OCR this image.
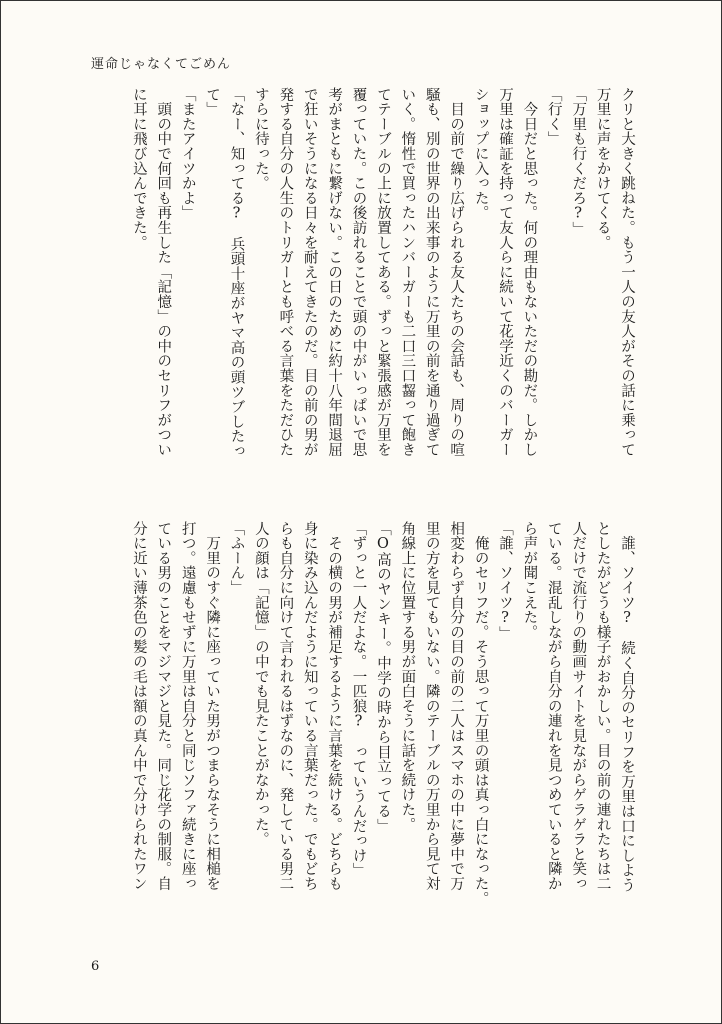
運命じゃなくてごめん

クリと大きく跳ねた。もう一人の友人がその話に乗って

万里に声をかけてくる。

「万里も行くだろ?」

「行く」

　今日だと思った。何の理由もないただの勘だ。しかし

万里は確証を持って友人らに続いて花学近くのバーガー

ショップに入った。

　目の前で繰り広げられる友人たちの会話も、周りの喧

騒も、別の世界の出来事のように万里の前を通り過ぎて

いく。惰性で買ったハンバーガーも二口三口齧って飽き

てテーブルの上に放置してある。ずっと緊張感が万里を

覆っていた。この後訪れることで頭の中がいっぱいで思

考がまともに繋げない。この日のために約十八年間退屈

で狂いそうになる日々を耐えてきたのだ。目の前の男が

発する自分の人生のトリガーとも呼べる言葉をただひた

すらに待った。

「なー、知ってる?　兵頭十座がヤマ高の頭ツブしたっ

て」

「またアイツかよ」

　頭の中で何回も再生した「記憶」の中のセリフがつい

に耳に飛び込んできた。

　誰、ソイツ?　続く自分のセリフを万里は口にしよう

としたがどうも様子がおかしい。目の前の連れたちは二

人だけで流行りの動画サイトを見ながらゲラゲラと笑っ

ている。混乱しながら自分の連れを見つめていると隣か

ら声が聞こえた。

「誰、ソイツ?」

　俺のセリフだ。そう思って万里の頭は真っ白になった。

相変わらず自分の目の前の二人はスマホの中に夢中で万

里の方を見てもいない。隣のテーブルの万里から見て対

角線上に位置する男が面白そうに話を続けた。

「O高のヤンキー。中学の時から目立ってる」

「ずっと一人だよな。一匹狼?　っていうんだっけ」

　その横の男が補足するように言葉を続ける。どちらも

身に染み込んだように知っている言葉だった。でもどち

らも自分に向けて言われるはずなのに、発している男二

人の顔は「記憶」の中でも見たことがなかった。

「ふーん」

　万里のすぐ隣に座っていた男がつまらなそうに相槌を

打つ。遠慮もせずに万里は自分と同じソファ続きに座っ

ている男のことをマジマジと見た。同じ花学の制服。自

分に近い薄茶色の髪の毛は額の真ん中で分けられたワン

6
